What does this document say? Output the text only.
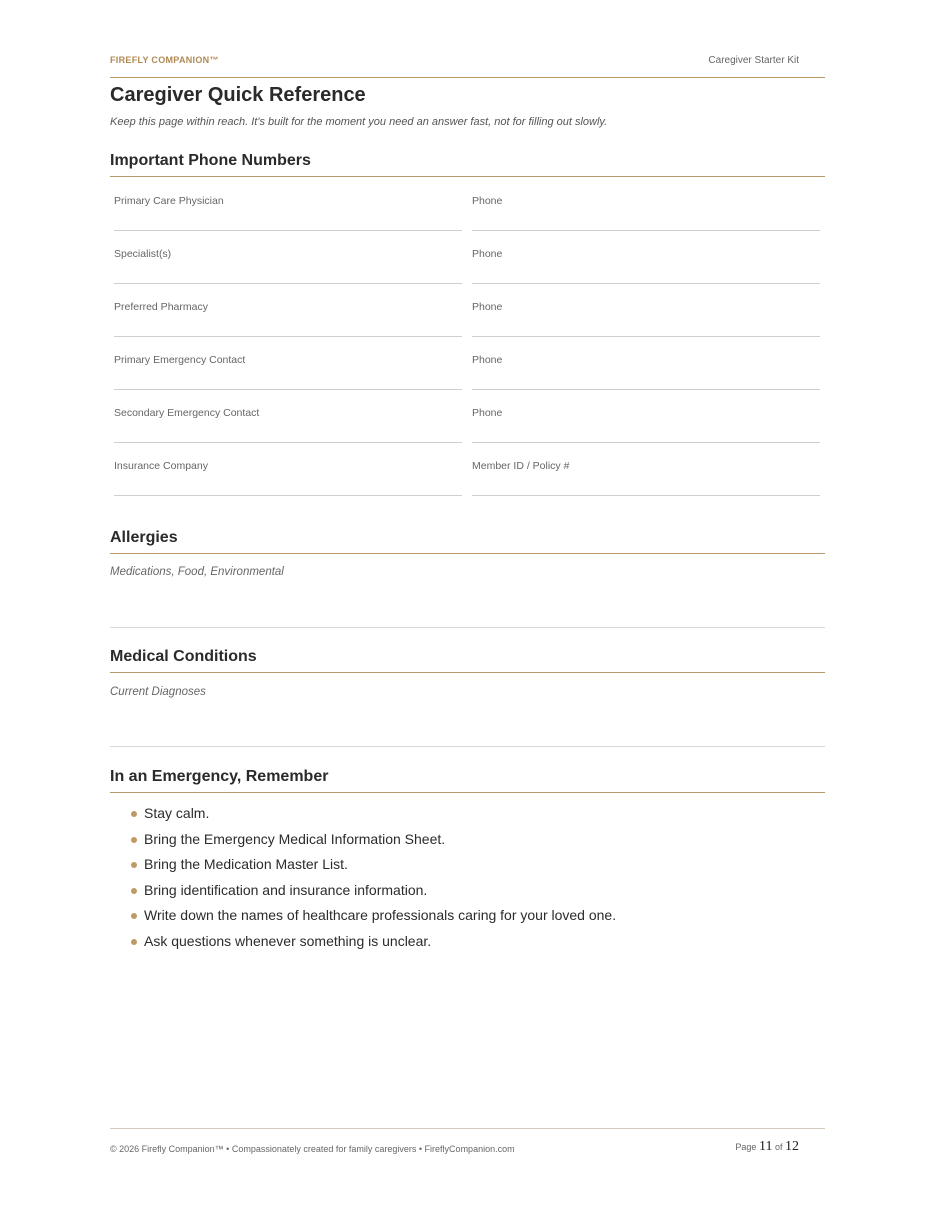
FIREFLY COMPANION™	Caregiver Starter Kit
Caregiver Quick Reference
Keep this page within reach. It's built for the moment you need an answer fast, not for filling out slowly.
Important Phone Numbers
Primary Care Physician	Phone
Specialist(s)	Phone
Preferred Pharmacy	Phone
Primary Emergency Contact	Phone
Secondary Emergency Contact	Phone
Insurance Company	Member ID / Policy #
Allergies
Medications, Food, Environmental
Medical Conditions
Current Diagnoses
In an Emergency, Remember
Stay calm.
Bring the Emergency Medical Information Sheet.
Bring the Medication Master List.
Bring identification and insurance information.
Write down the names of healthcare professionals caring for your loved one.
Ask questions whenever something is unclear.
© 2026 Firefly Companion™ • Compassionately created for family caregivers • FireflyCompanion.com	Page 11 of 12
